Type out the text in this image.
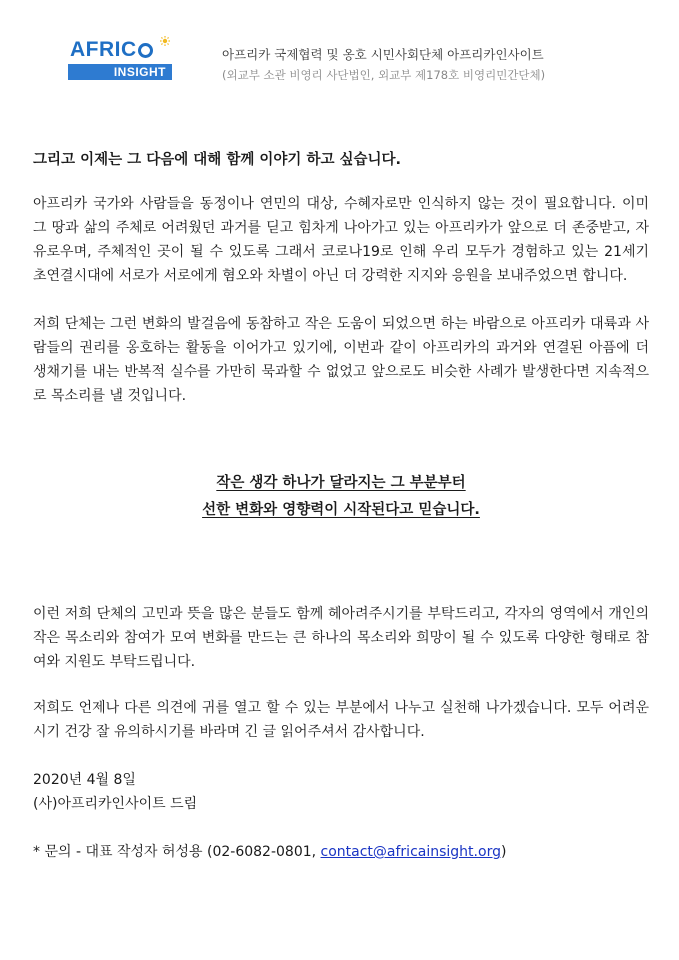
AFRIC
INSIGHT
아프리카 국제협력 및 옹호 시민사회단체 아프리카인사이트
(외교부 소관 비영리 사단법인, 외교부 제178호 비영리민간단체)

그리고 이제는 그 다음에 대해 함께 이야기 하고 싶습니다.

아프리카 국가와 사람들을 동정이나 연민의 대상, 수혜자로만 인식하지 않는 것이 필요합니다. 이미 그 땅과 삶의 주체로 어려웠던 과거를 딛고 힘차게 나아가고 있는 아프리카가 앞으로 더 존중받고, 자유로우며, 주체적인 곳이 될 수 있도록 그래서 코로나19로 인해 우리 모두가 경험하고 있는 21세기 초연결시대에 서로가 서로에게 혐오와 차별이 아닌 더 강력한 지지와 응원을 보내주었으면 합니다.

저희 단체는 그런 변화의 발걸음에 동참하고 작은 도움이 되었으면 하는 바람으로 아프리카 대륙과 사람들의 권리를 옹호하는 활동을 이어가고 있기에, 이번과 같이 아프리카의 과거와 연결된 아픔에 더 생채기를 내는 반복적 실수를 가만히 묵과할 수 없었고 앞으로도 비슷한 사례가 발생한다면 지속적으로 목소리를 낼 것입니다.

작은 생각 하나가 달라지는 그 부분부터
선한 변화와 영향력이 시작된다고 믿습니다.

이런 저희 단체의 고민과 뜻을 많은 분들도 함께 헤아려주시기를 부탁드리고, 각자의 영역에서 개인의 작은 목소리와 참여가 모여 변화를 만드는 큰 하나의 목소리와 희망이 될 수 있도록 다양한 형태로 참여와 지원도 부탁드립니다.

저희도 언제나 다른 의견에 귀를 열고 할 수 있는 부분에서 나누고 실천해 나가겠습니다. 모두 어려운 시기 건강 잘 유의하시기를 바라며 긴 글 읽어주셔서 감사합니다.

2020년 4월 8일

(사)아프리카인사이트 드림

* 문의 - 대표 작성자 허성용 (02-6082-0801, contact@africainsight.org)
